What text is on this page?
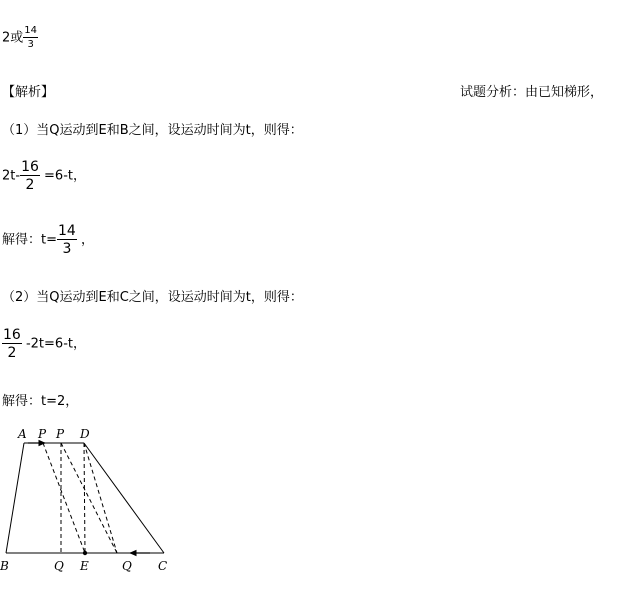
2或 $\frac{14}{3}$
【解析】	试题分析：由已知梯形，
（1）当Q运动到E和B之间，设运动时间为t，则得：
$2t- \frac{16}{2} =6-t$，
解得：$t= \frac{14}{3}$ ，
（2）当Q运动到E和C之间，设运动时间为t，则得：
$\frac{16}{2} -2t=6-t$，
解得：t=2，
A P P D
B	Q E	Q C
